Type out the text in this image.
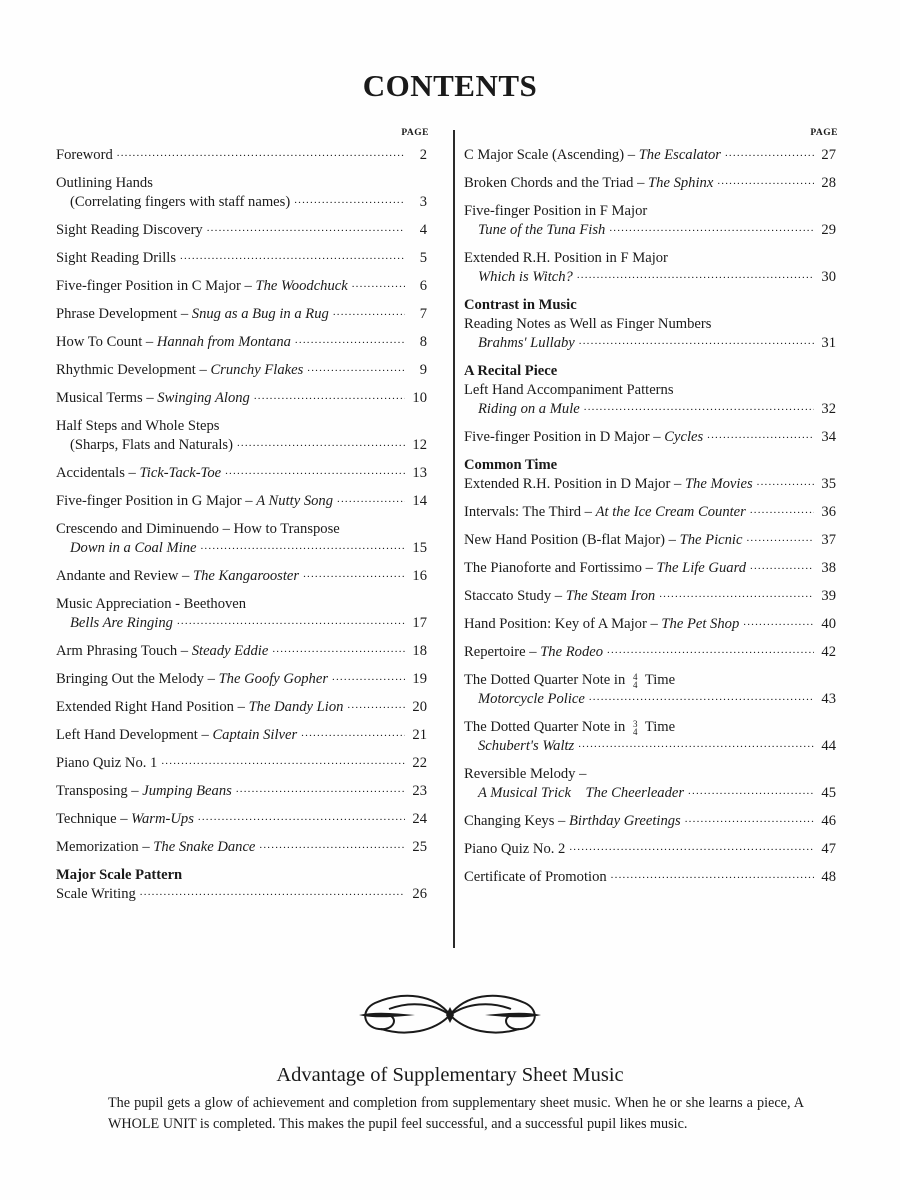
CONTENTS
PAGE
Foreword .....	2
Outlining Hands
(Correlating fingers with staff names) .....	3
Sight Reading Discovery .....	4
Sight Reading Drills .....	5
Five-finger Position in C Major – The Woodchuck .....	6
Phrase Development – Snug as a Bug in a Rug .....	7
How To Count – Hannah from Montana .....	8
Rhythmic Development – Crunchy Flakes .....	9
Musical Terms – Swinging Along .....	10
Half Steps and Whole Steps
(Sharps, Flats and Naturals) .....	12
Accidentals – Tick-Tack-Toe .....	13
Five-finger Position in G Major – A Nutty Song .....	14
Crescendo and Diminuendo – How to Transpose
Down in a Coal Mine .....	15
Andante and Review – The Kangarooster .....	16
Music Appreciation - Beethoven
Bells Are Ringing .....	17
Arm Phrasing Touch – Steady Eddie .....	18
Bringing Out the Melody – The Goofy Gopher .....	19
Extended Right Hand Position – The Dandy Lion .....	20
Left Hand Development – Captain Silver .....	21
Piano Quiz No. 1 .....	22
Transposing – Jumping Beans .....	23
Technique – Warm-Ups .....	24
Memorization – The Snake Dance .....	25
Major Scale Pattern
Scale Writing .....	26
PAGE
C Major Scale (Ascending) – The Escalator .....	27
Broken Chords and the Triad – The Sphinx .....	28
Five-finger Position in F Major
Tune of the Tuna Fish .....	29
Extended R.H. Position in F Major
Which is Witch? .....	30
Contrast in Music
Reading Notes as Well as Finger Numbers
Brahms' Lullaby .....	31
A Recital Piece
Left Hand Accompaniment Patterns
Riding on a Mule .....	32
Five-finger Position in D Major – Cycles .....	34
Common Time
Extended R.H. Position in D Major – The Movies .....	35
Intervals: The Third – At the Ice Cream Counter .....	36
New Hand Position (B-flat Major) – The Picnic .....	37
The Pianoforte and Fortissimo – The Life Guard .....	38
Staccato Study – The Steam Iron .....	39
Hand Position: Key of A Major – The Pet Shop .....	40
Repertoire – The Rodeo .....	42
The Dotted Quarter Note in 4
4 Time
Motorcycle Police .....	43
The Dotted Quarter Note in 3
4 Time
Schubert's Waltz .....	44
Reversible Melody –
A Musical Trick    The Cheerleader .....	45
Changing Keys – Birthday Greetings .....	46
Piano Quiz No. 2 .....	47
Certificate of Promotion .....	48
Advantage of Supplementary Sheet Music
The pupil gets a glow of achievement and completion from supplementary sheet music. When he or she learns a piece, A WHOLE UNIT is completed. This makes the pupil feel successful, and a successful pupil likes music.
